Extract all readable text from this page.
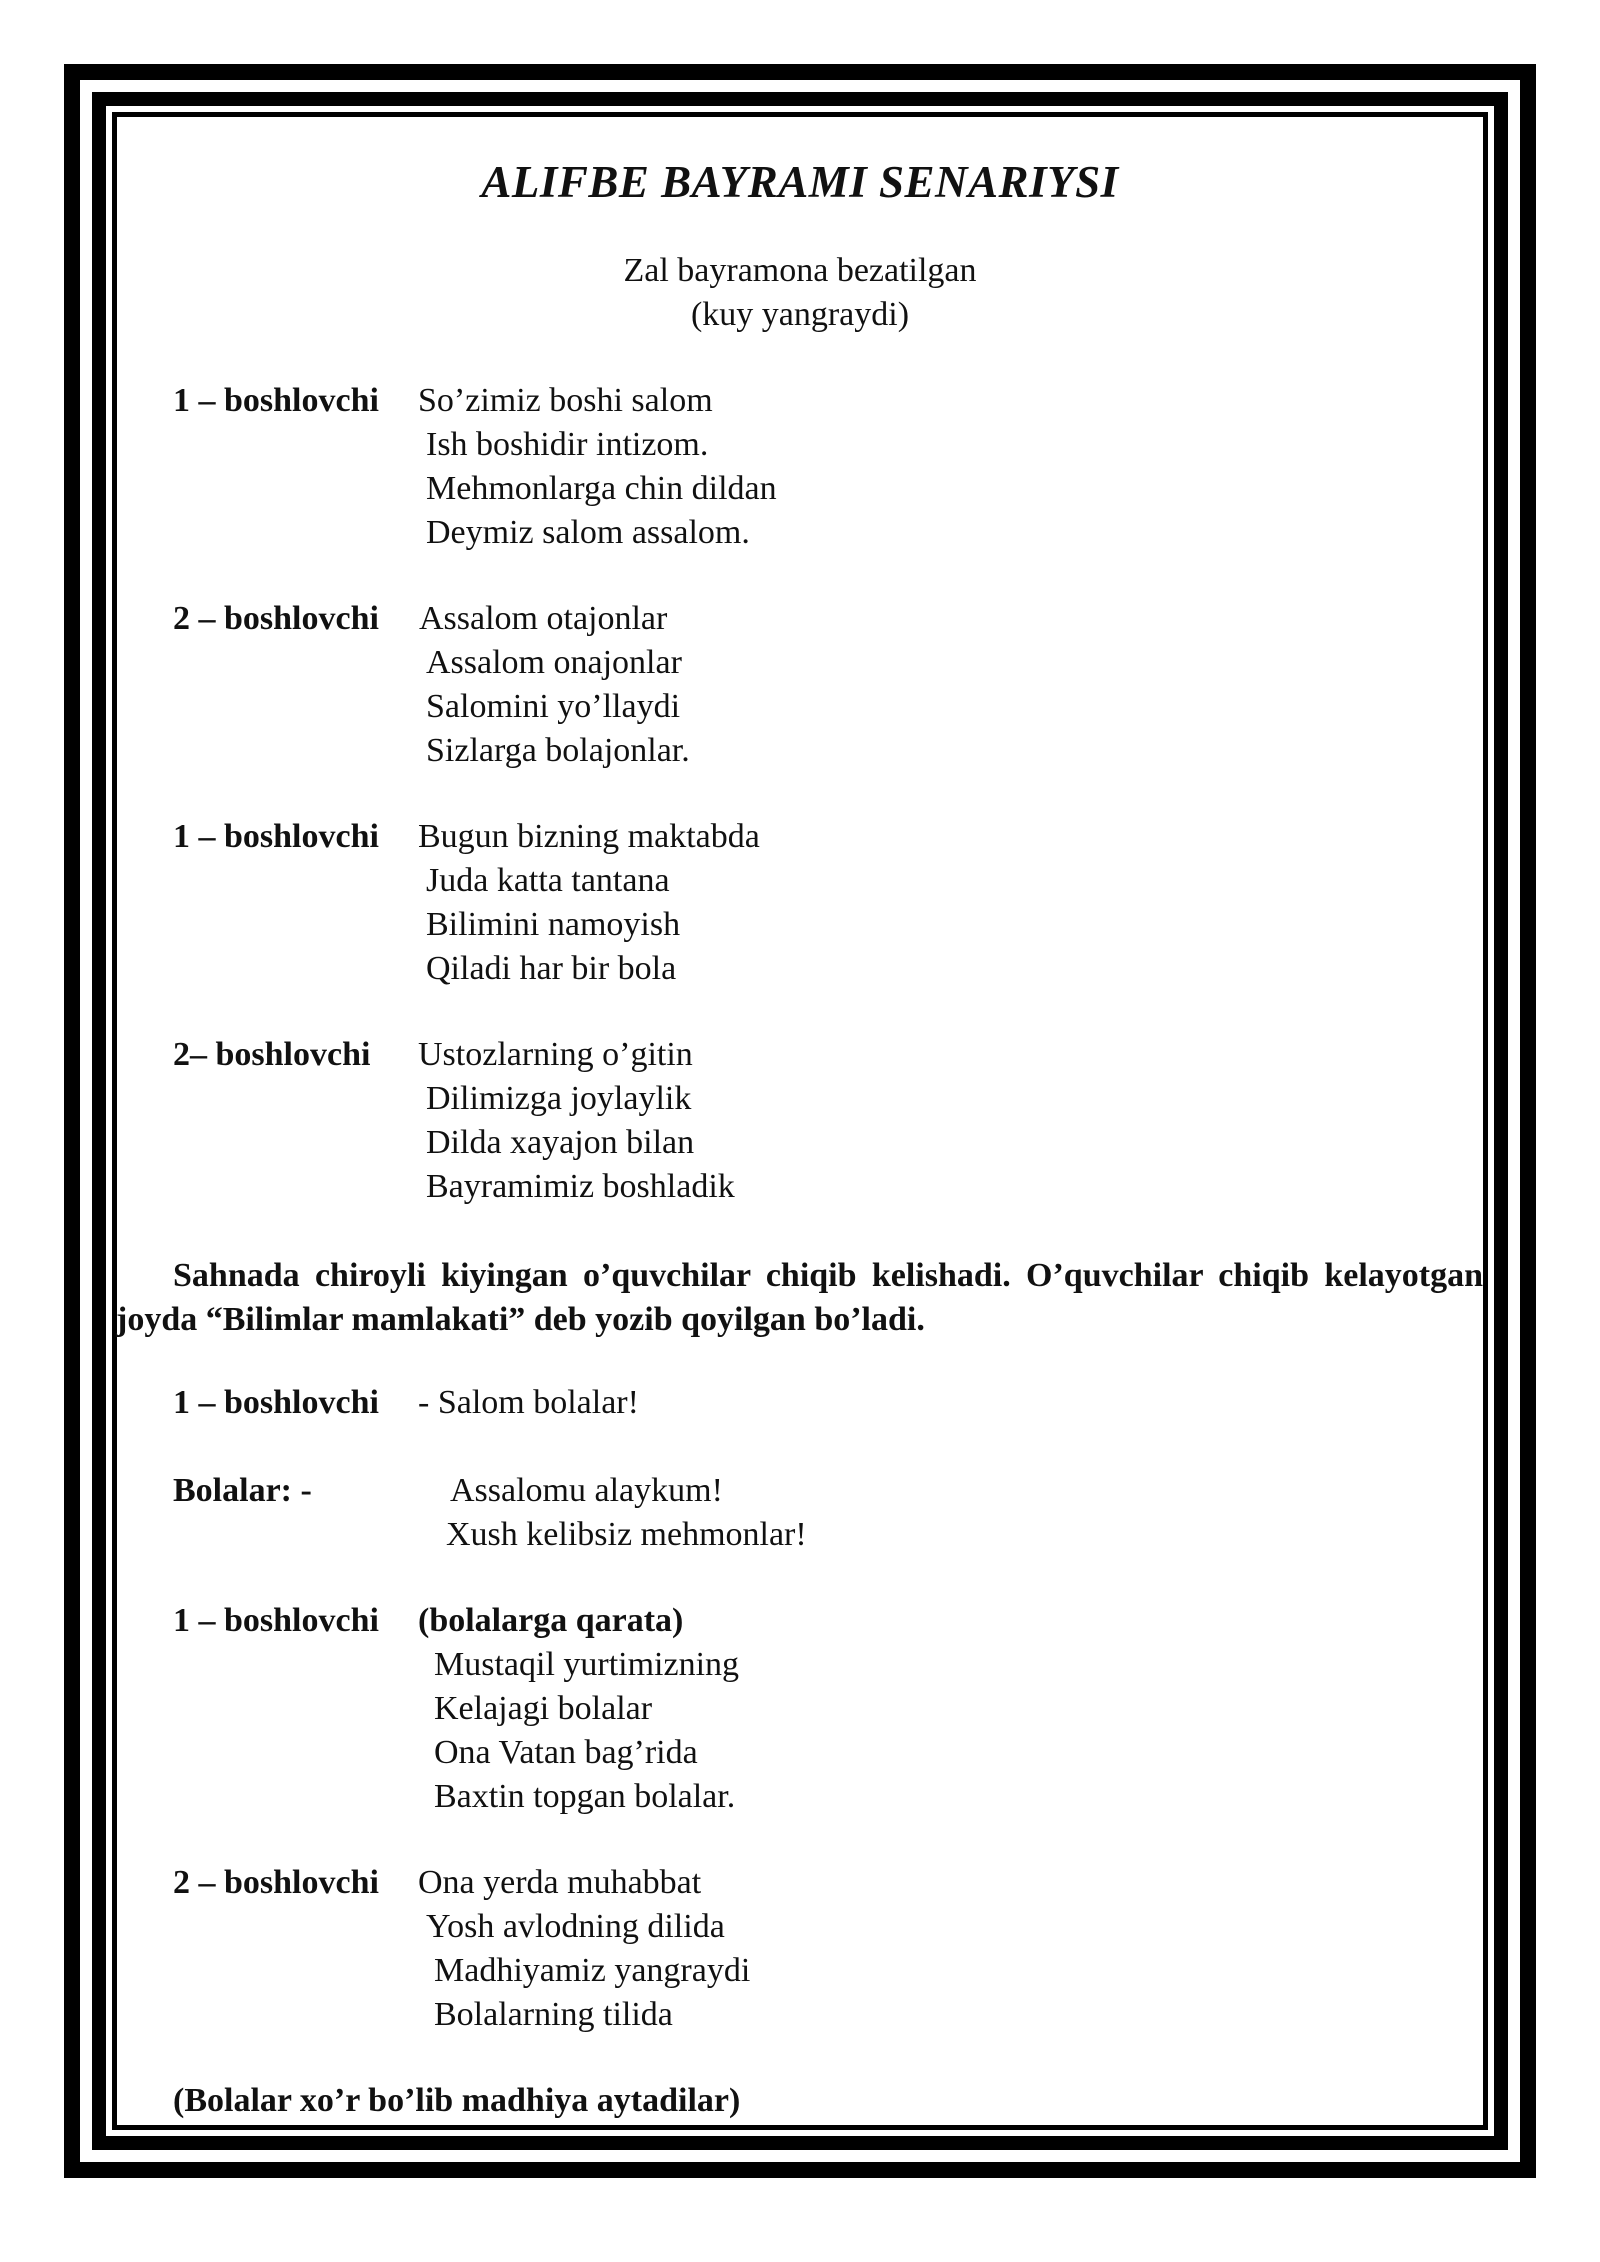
ALIFBE BAYRAMI SENARIYSI
Zal bayramona bezatilgan
(kuy yangraydi)
1 – boshlovchi So’zimiz boshi salom
Ish boshidir intizom.
Mehmonlarga chin dildan
Deymiz salom assalom.
2 – boshlovchi Assalom otajonlar
Assalom onajonlar
Salomini yo’llaydi
Sizlarga bolajonlar.
1 – boshlovchi Bugun bizning maktabda
Juda katta tantana
Bilimini namoyish
Qiladi har bir bola
2– boshlovchi Ustozlarning o’gitin
Dilimizga joylaylik
Dilda xayajon bilan
Bayramimiz boshladik
Sahnada chiroyli kiyingan o’quvchilar chiqib kelishadi. O’quvchilar chiqib kelayotgan joyda “Bilimlar mamlakati” deb yozib qoyilgan bo’ladi.
1 – boshlovchi - Salom bolalar!
Bolalar: -	Assalomu alaykum!
Xush kelibsiz mehmonlar!
1 – boshlovchi (bolalarga qarata)
Mustaqil yurtimizning
Kelajagi bolalar
Ona Vatan bag’rida
Baxtin topgan bolalar.
2 – boshlovchi Ona yerda muhabbat
Yosh avlodning dilida
Madhiyamiz yangraydi
Bolalarning tilida
(Bolalar xo’r bo’lib madhiya aytadilar)
